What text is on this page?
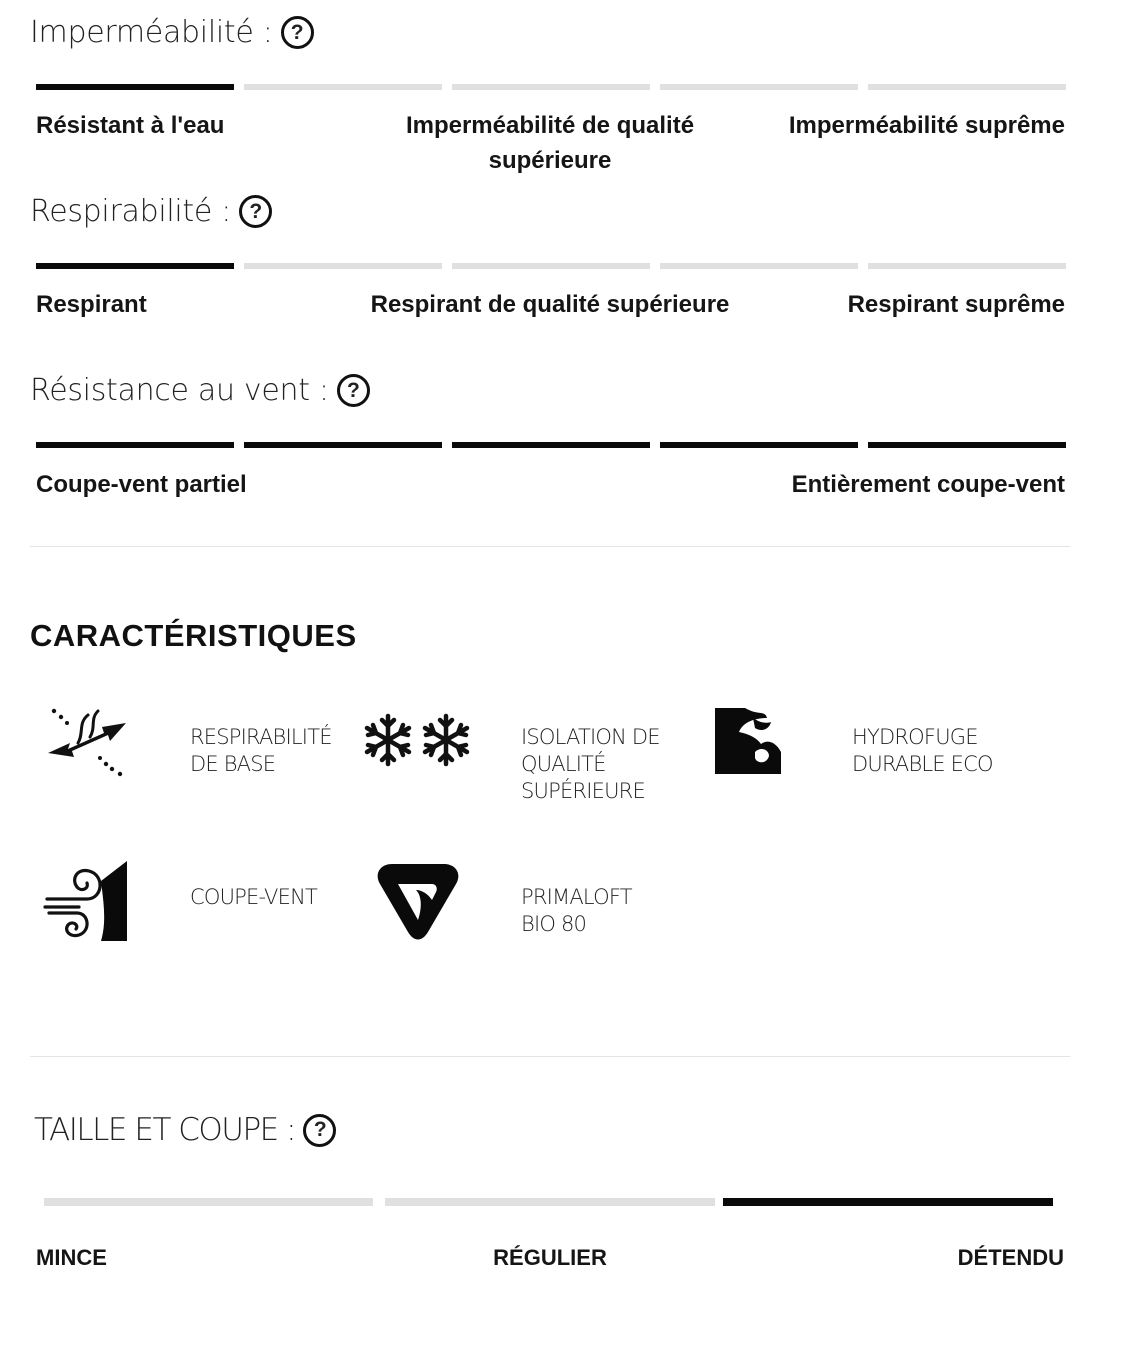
Imperméabilité : ?
Résistant à l'eau	Imperméabilité de qualité supérieure
Imperméabilité suprême
Respirabilité : ?
Respirant	Respirant de qualité supérieure	Respirant suprême
Résistance au vent : ?
Coupe-vent partiel	Entièrement coupe-vent
CARACTÉRISTIQUES
RESPIRABILITÉ
DE BASE
ISOLATION DE
QUALITÉ
SUPÉRIEURE
HYDROFUGE
DURABLE ECO
COUPE-VENT	PRIMALOFT
BIO 80
TAILLE ET COUPE : ?
MINCE	RÉGULIER	DÉTENDU
